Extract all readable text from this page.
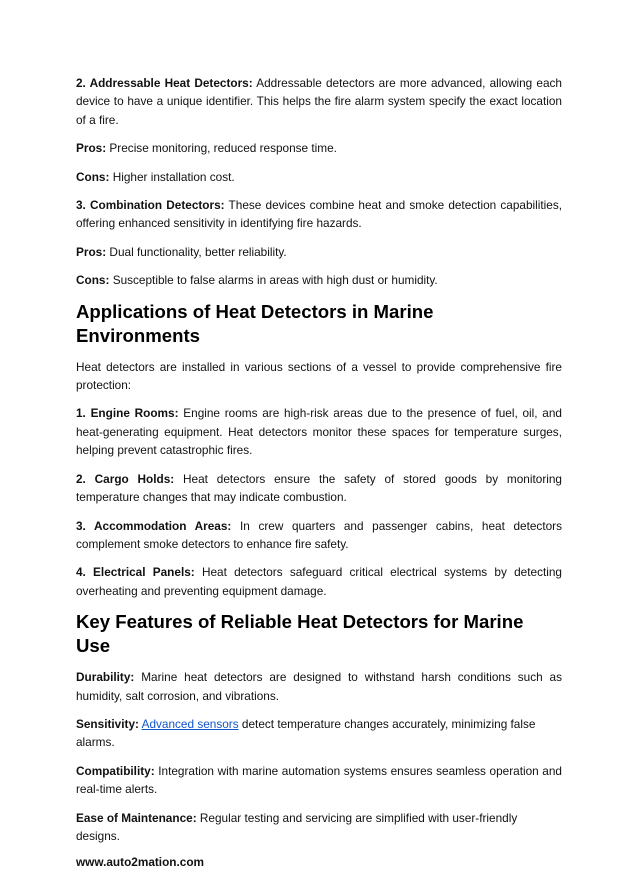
2. Addressable Heat Detectors: Addressable detectors are more advanced, allowing each device to have a unique identifier. This helps the fire alarm system specify the exact location of a fire.

Pros: Precise monitoring, reduced response time.

Cons: Higher installation cost.

3. Combination Detectors: These devices combine heat and smoke detection capabilities, offering enhanced sensitivity in identifying fire hazards.

Pros: Dual functionality, better reliability.

Cons: Susceptible to false alarms in areas with high dust or humidity.

Applications of Heat Detectors in Marine Environments

Heat detectors are installed in various sections of a vessel to provide comprehensive fire protection:

1. Engine Rooms: Engine rooms are high-risk areas due to the presence of fuel, oil, and heat-generating equipment. Heat detectors monitor these spaces for temperature surges, helping prevent catastrophic fires.

2. Cargo Holds: Heat detectors ensure the safety of stored goods by monitoring temperature changes that may indicate combustion.

3. Accommodation Areas: In crew quarters and passenger cabins, heat detectors complement smoke detectors to enhance fire safety.

4. Electrical Panels: Heat detectors safeguard critical electrical systems by detecting overheating and preventing equipment damage.

Key Features of Reliable Heat Detectors for Marine Use

Durability: Marine heat detectors are designed to withstand harsh conditions such as humidity, salt corrosion, and vibrations.

Sensitivity: Advanced sensors detect temperature changes accurately, minimizing false alarms.

Compatibility: Integration with marine automation systems ensures seamless operation and real-time alerts.

Ease of Maintenance: Regular testing and servicing are simplified with user-friendly designs.

www.auto2mation.com
